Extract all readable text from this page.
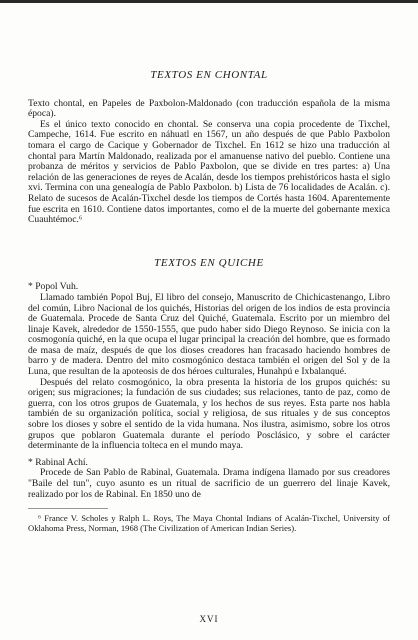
TEXTOS EN CHONTAL

Texto chontal, en Papeles de Paxbolon-Maldonado (con traducción española de la misma época).

Es el único texto conocido en chontal. Se conserva una copia procedente de Tixchel, Campeche, 1614. Fue escrito en náhuatl en 1567, un año después de que Pablo Paxbolon tomara el cargo de Cacique y Gobernador de Tixchel. En 1612 se hizo una traducción al chontal para Martín Maldonado, realizada por el amanuense nativo del pueblo. Contiene una probanza de méritos y servicios de Pablo Paxbolon, que se divide en tres partes: a) Una relación de las generaciones de reyes de Acalán, desde los tiempos prehistóricos hasta el siglo xvi. Termina con una genealogía de Pablo Paxbolon. b) Lista de 76 localidades de Acalán. c). Relato de sucesos de Acalán-Tixchel desde los tiempos de Cortés hasta 1604. Aparentemente fue escrita en 1610. Contiene datos importantes, como el de la muerte del gobernante mexica Cuauhtémoc.⁶

TEXTOS EN QUICHE

* Popol Vuh.

Llamado también Popol Buj, El libro del consejo, Manuscrito de Chichicastenango, Libro del común, Libro Nacional de los quichés, Historias del origen de los indios de esta provincia de Guatemala. Procede de Santa Cruz del Quiché, Guatemala. Escrito por un miembro del linaje Kavek, alrededor de 1550-1555, que pudo haber sido Diego Reynoso. Se inicia con la cosmogonía quiché, en la que ocupa el lugar principal la creación del hombre, que es formado de masa de maíz, después de que los dioses creadores han fracasado haciendo hombres de barro y de madera. Dentro del mito cosmogónico destaca también el origen del Sol y de la Luna, que resultan de la apoteosis de dos héroes culturales, Hunahpú e Ixbalanqué.

Después del relato cosmogónico, la obra presenta la historia de los grupos quichés: su origen; sus migraciones; la fundación de sus ciudades; sus relaciones, tanto de paz, como de guerra, con los otros grupos de Guatemala, y los hechos de sus reyes. Esta parte nos habla también de su organización política, social y religiosa, de sus rituales y de sus conceptos sobre los dioses y sobre el sentido de la vida humana. Nos ilustra, asimismo, sobre los otros grupos que poblaron Guatemala durante el período Posclásico, y sobre el carácter determinante de la influencia tolteca en el mundo maya.

* Rabinal Achí.

Procede de San Pablo de Rabinal, Guatemala. Drama indígena llamado por sus creadores "Baile del tun", cuyo asunto es un ritual de sacrificio de un guerrero del linaje Kavek, realizado por los de Rabinal. En 1850 uno de

⁶ France V. Scholes y Ralph L. Roys, The Maya Chontal Indians of Acalán-Tixchel, University of Oklahoma Press, Norman, 1968 (The Civilization of American Indian Series).

XVI
